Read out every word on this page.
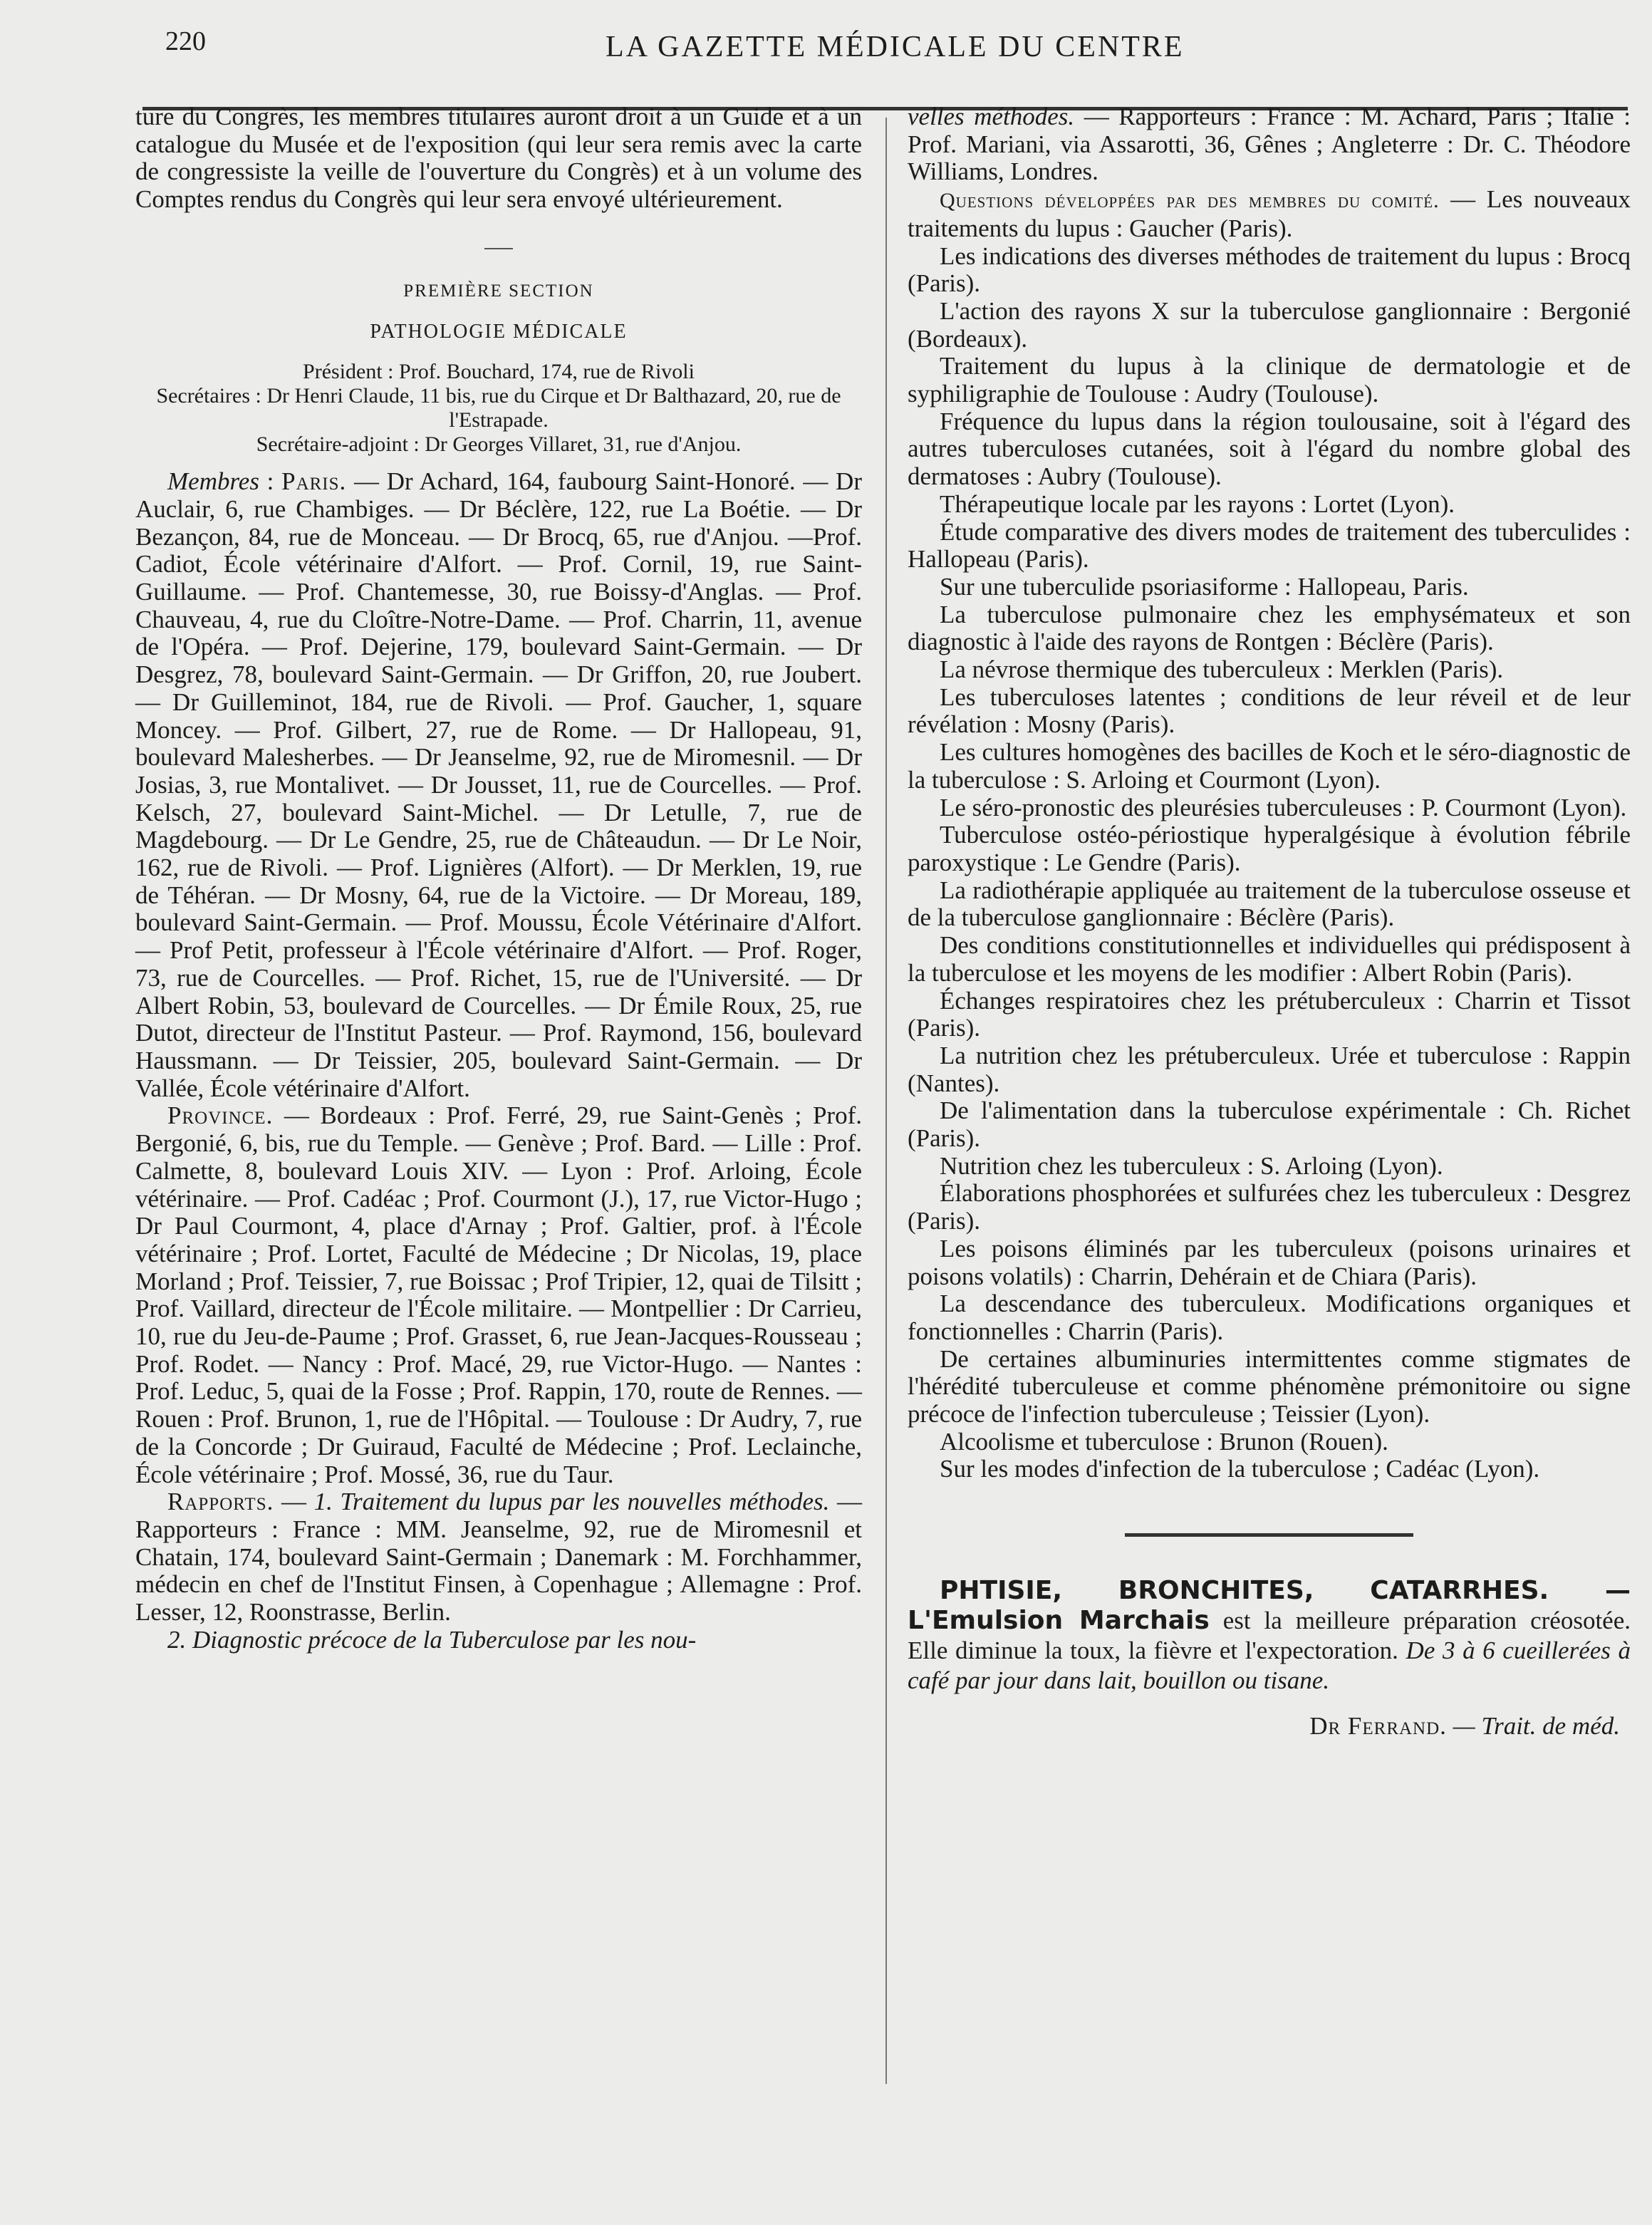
220	LA GAZETTE MÉDICALE DU CENTRE

ture du Congrès, les membres titulaires auront droit à un Guide et à un catalogue du Musée et de l'exposition (qui leur sera remis avec la carte de congressiste la veille de l'ouverture du Congrès) et à un volume des Comptes rendus du Congrès qui leur sera envoyé ultérieurement.

PREMIÈRE SECTION

PATHOLOGIE MÉDICALE

Président : Prof. Bouchard, 174, rue de Rivoli

Secrétaires : Dr Henri Claude, 11 bis, rue du Cirque et Dr Balthazard, 20, rue de l'Estrapade.

Secrétaire-adjoint : Dr Georges Villaret, 31, rue d'Anjou.

Membres : Paris. — Dr Achard, 164, faubourg Saint-Honoré. — Dr Auclair, 6, rue Chambiges. — Dr Béclère, 122, rue La Boétie. — Dr Bezançon, 84, rue de Monceau. — Dr Brocq, 65, rue d'Anjou. —Prof. Cadiot, École vétérinaire d'Alfort. — Prof. Cornil, 19, rue Saint-Guillaume. — Prof. Chantemesse, 30, rue Boissy-d'Anglas. — Prof. Chauveau, 4, rue du Cloître-Notre-Dame. — Prof. Charrin, 11, avenue de l'Opéra. — Prof. Dejerine, 179, boulevard Saint-Germain. — Dr Desgrez, 78, boulevard Saint-Germain. — Dr Griffon, 20, rue Joubert. — Dr Guilleminot, 184, rue de Rivoli. — Prof. Gaucher, 1, square Moncey. — Prof. Gilbert, 27, rue de Rome. — Dr Hallopeau, 91, boulevard Malesherbes. — Dr Jeanselme, 92, rue de Miromesnil. — Dr Josias, 3, rue Montalivet. — Dr Jousset, 11, rue de Courcelles. — Prof. Kelsch, 27, boulevard Saint-Michel. — Dr Letulle, 7, rue de Magdebourg. — Dr Le Gendre, 25, rue de Châteaudun. — Dr Le Noir, 162, rue de Rivoli. — Prof. Lignières (Alfort). — Dr Merklen, 19, rue de Téhéran. — Dr Mosny, 64, rue de la Victoire. — Dr Moreau, 189, boulevard Saint-Germain. — Prof. Moussu, École Vétérinaire d'Alfort. — Prof Petit, professeur à l'École vétérinaire d'Alfort. — Prof. Roger, 73, rue de Courcelles. — Prof. Richet, 15, rue de l'Université. — Dr Albert Robin, 53, boulevard de Courcelles. — Dr Émile Roux, 25, rue Dutot, directeur de l'Institut Pasteur. — Prof. Raymond, 156, boulevard Haussmann. — Dr Teissier, 205, boulevard Saint-Germain. — Dr Vallée, École vétérinaire d'Alfort.

Province. — Bordeaux : Prof. Ferré, 29, rue Saint-Genès ; Prof. Bergonié, 6, bis, rue du Temple. — Genève ; Prof. Bard. — Lille : Prof. Calmette, 8, boulevard Louis XIV. — Lyon : Prof. Arloing, École vétérinaire. — Prof. Cadéac ; Prof. Courmont (J.), 17, rue Victor-Hugo ; Dr Paul Courmont, 4, place d'Arnay ; Prof. Galtier, prof. à l'École vétérinaire ; Prof. Lortet, Faculté de Médecine ; Dr Nicolas, 19, place Morland ; Prof. Teissier, 7, rue Boissac ; Prof Tripier, 12, quai de Tilsitt ; Prof. Vaillard, directeur de l'École militaire. — Montpellier : Dr Carrieu, 10, rue du Jeu-de-Paume ; Prof. Grasset, 6, rue Jean-Jacques-Rousseau ; Prof. Rodet. — Nancy : Prof. Macé, 29, rue Victor-Hugo. — Nantes : Prof. Leduc, 5, quai de la Fosse ; Prof. Rappin, 170, route de Rennes. — Rouen : Prof. Brunon, 1, rue de l'Hôpital. — Toulouse : Dr Audry, 7, rue de la Concorde ; Dr Guiraud, Faculté de Médecine ; Prof. Leclainche, École vétérinaire ; Prof. Mossé, 36, rue du Taur.

Rapports. — 1. Traitement du lupus par les nouvelles méthodes. — Rapporteurs : France : MM. Jeanselme, 92, rue de Miromesnil et Chatain, 174, boulevard Saint-Germain ; Danemark : M. Forchhammer, médecin en chef de l'Institut Finsen, à Copenhague ; Allemagne : Prof. Lesser, 12, Roonstrasse, Berlin.

2. Diagnostic précoce de la Tuberculose par les nou-

velles méthodes. — Rapporteurs : France : M. Achard, Paris ; Italie : Prof. Mariani, via Assarotti, 36, Gênes ; Angleterre : Dr. C. Théodore Williams, Londres.

Questions développées par des membres du comité. — Les nouveaux traitements du lupus : Gaucher (Paris).

Les indications des diverses méthodes de traitement du lupus : Brocq (Paris).

L'action des rayons X sur la tuberculose ganglionnaire : Bergonié (Bordeaux).

Traitement du lupus à la clinique de dermatologie et de syphiligraphie de Toulouse : Audry (Toulouse).

Fréquence du lupus dans la région toulousaine, soit à l'égard des autres tuberculoses cutanées, soit à l'égard du nombre global des dermatoses : Aubry (Toulouse).

Thérapeutique locale par les rayons : Lortet (Lyon).

Étude comparative des divers modes de traitement des tuberculides : Hallopeau (Paris).

Sur une tuberculide psoriasiforme : Hallopeau, Paris.

La tuberculose pulmonaire chez les emphysémateux et son diagnostic à l'aide des rayons de Rontgen : Béclère (Paris).

La névrose thermique des tuberculeux : Merklen (Paris).

Les tuberculoses latentes ; conditions de leur réveil et de leur révélation : Mosny (Paris).

Les cultures homogènes des bacilles de Koch et le séro-diagnostic de la tuberculose : S. Arloing et Courmont (Lyon).

Le séro-pronostic des pleurésies tuberculeuses : P. Courmont (Lyon).

Tuberculose ostéo-périostique hyperalgésique à évolution fébrile paroxystique : Le Gendre (Paris).

La radiothérapie appliquée au traitement de la tuberculose osseuse et de la tuberculose ganglionnaire : Béclère (Paris).

Des conditions constitutionnelles et individuelles qui prédisposent à la tuberculose et les moyens de les modifier : Albert Robin (Paris).

Échanges respiratoires chez les prétuberculeux : Charrin et Tissot (Paris).

La nutrition chez les prétuberculeux. Urée et tuberculose : Rappin (Nantes).

De l'alimentation dans la tuberculose expérimentale : Ch. Richet (Paris).

Nutrition chez les tuberculeux : S. Arloing (Lyon).

Élaborations phosphorées et sulfurées chez les tuberculeux : Desgrez (Paris).

Les poisons éliminés par les tuberculeux (poisons urinaires et poisons volatils) : Charrin, Dehérain et de Chiara (Paris).

La descendance des tuberculeux. Modifications organiques et fonctionnelles : Charrin (Paris).

De certaines albuminuries intermittentes comme stigmates de l'hérédité tuberculeuse et comme phénomène prémonitoire ou signe précoce de l'infection tuberculeuse ; Teissier (Lyon).

Alcoolisme et tuberculose : Brunon (Rouen).

Sur les modes d'infection de la tuberculose ; Cadéac (Lyon).

PHTISIE, BRONCHITES, CATARRHES. — L'Emulsion Marchais est la meilleure préparation créosotée. Elle diminue la toux, la fièvre et l'expectoration. De 3 à 6 cueillerées à café par jour dans lait, bouillon ou tisane.

Dr Ferrand. — Trait. de méd.
